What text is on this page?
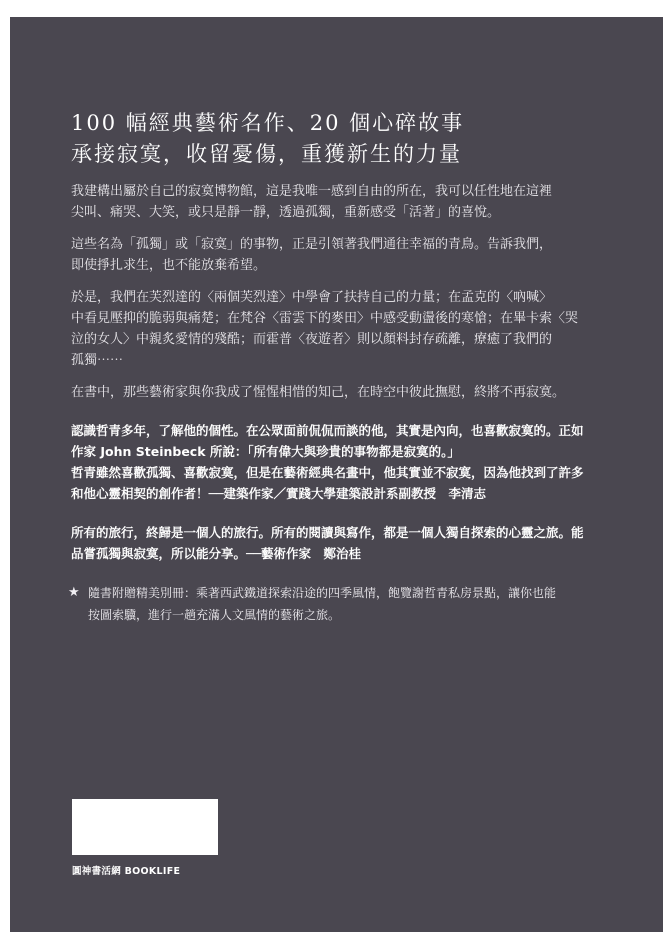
100 幅經典藝術名作、20 個心碎故事
承接寂寞，收留憂傷，重獲新生的力量

我建構出屬於自己的寂寞博物館，這是我唯一感到自由的所在，我可以任性地在這裡
尖叫、痛哭、大笑，或只是靜一靜，透過孤獨，重新感受「活著」的喜悅。

這些名為「孤獨」或「寂寞」的事物，正是引領著我們通往幸福的青鳥。告訴我們，
即使掙扎求生，也不能放棄希望。

於是，我們在芙烈達的〈兩個芙烈達〉中學會了扶持自己的力量；在孟克的〈吶喊〉
中看見壓抑的脆弱與痛楚；在梵谷〈雷雲下的麥田〉中感受動盪後的寒愴；在畢卡索〈哭
泣的女人〉中親炙愛情的殘酷；而霍普〈夜遊者〉則以顏料封存疏離，療癒了我們的
孤獨⋯⋯

在書中，那些藝術家與你我成了惺惺相惜的知己，在時空中彼此撫慰，終將不再寂寞。

認識哲青多年，了解他的個性。在公眾面前侃侃而談的他，其實是內向，也喜歡寂寞的。正如
作家 John Steinbeck 所說：「所有偉大與珍貴的事物都是寂寞的。」
哲青雖然喜歡孤獨、喜歡寂寞，但是在藝術經典名畫中，他其實並不寂寞，因為他找到了許多
和他心靈相契的創作者！──建築作家／實踐大學建築設計系副教授　李清志
所有的旅行，終歸是一個人的旅行。所有的閱讀與寫作，都是一個人獨自探索的心靈之旅。能
品嘗孤獨與寂寞，所以能分享。──藝術作家　鄭治桂
★ 隨書附贈精美別冊：乘著西武鐵道探索沿途的四季風情，飽覽謝哲青私房景點，讓你也能
按圖索驥，進行一趟充滿人文風情的藝術之旅。
圓神書活網 BOOKLIFE
